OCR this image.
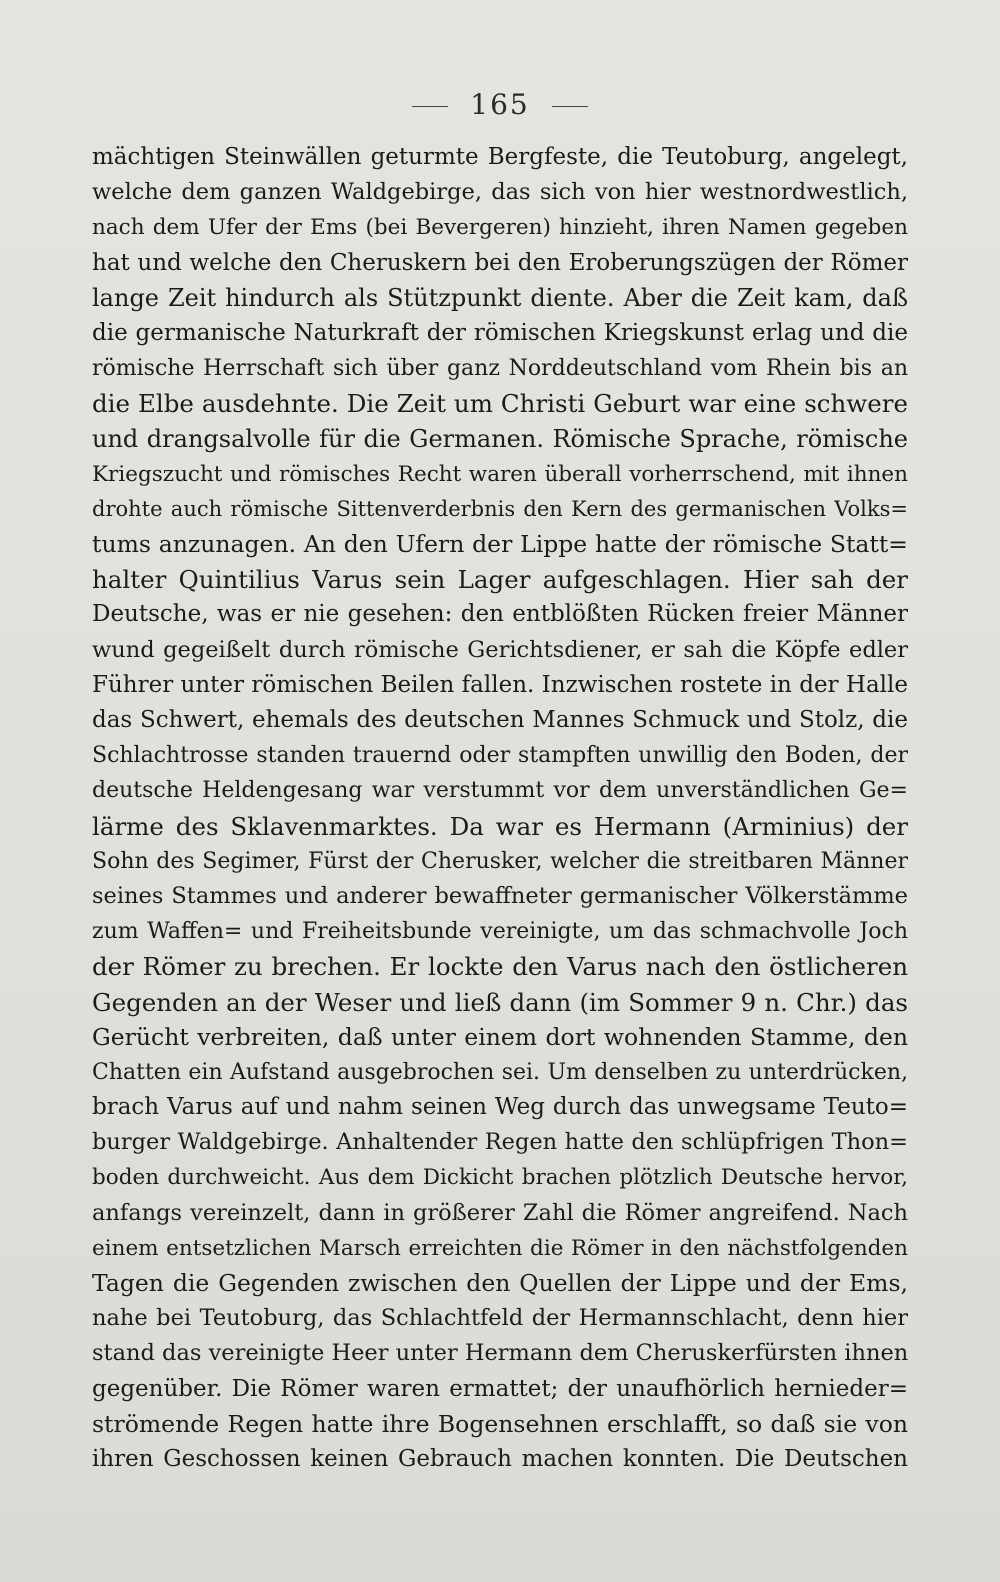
165
mächtigen Steinwällen geturmte Bergfeste, die Teutoburg, angelegt,
welche dem ganzen Waldgebirge, das sich von hier westnordwestlich,
nach dem Ufer der Ems (bei Bevergeren) hinzieht, ihren Namen gegeben
hat und welche den Cheruskern bei den Eroberungszügen der Römer
lange Zeit hindurch als Stützpunkt diente. Aber die Zeit kam, daß
die germanische Naturkraft der römischen Kriegskunst erlag und die
römische Herrschaft sich über ganz Norddeutschland vom Rhein bis an
die Elbe ausdehnte. Die Zeit um Christi Geburt war eine schwere
und drangsalvolle für die Germanen. Römische Sprache, römische
Kriegszucht und römisches Recht waren überall vorherrschend, mit ihnen
drohte auch römische Sittenverderbnis den Kern des germanischen Volks=
tums anzunagen. An den Ufern der Lippe hatte der römische Statt=
halter Quintilius Varus sein Lager aufgeschlagen. Hier sah der
Deutsche, was er nie gesehen: den entblößten Rücken freier Männer
wund gegeißelt durch römische Gerichtsdiener, er sah die Köpfe edler
Führer unter römischen Beilen fallen. Inzwischen rostete in der Halle
das Schwert, ehemals des deutschen Mannes Schmuck und Stolz, die
Schlachtrosse standen trauernd oder stampften unwillig den Boden, der
deutsche Heldengesang war verstummt vor dem unverständlichen Ge=
lärme des Sklavenmarktes. Da war es Hermann (Arminius) der
Sohn des Segimer, Fürst der Cherusker, welcher die streitbaren Männer
seines Stammes und anderer bewaffneter germanischer Völkerstämme
zum Waffen= und Freiheitsbunde vereinigte, um das schmachvolle Joch
der Römer zu brechen. Er lockte den Varus nach den östlicheren
Gegenden an der Weser und ließ dann (im Sommer 9 n. Chr.) das
Gerücht verbreiten, daß unter einem dort wohnenden Stamme, den
Chatten ein Aufstand ausgebrochen sei. Um denselben zu unterdrücken,
brach Varus auf und nahm seinen Weg durch das unwegsame Teuto=
burger Waldgebirge. Anhaltender Regen hatte den schlüpfrigen Thon=
boden durchweicht. Aus dem Dickicht brachen plötzlich Deutsche hervor,
anfangs vereinzelt, dann in größerer Zahl die Römer angreifend. Nach
einem entsetzlichen Marsch erreichten die Römer in den nächstfolgenden
Tagen die Gegenden zwischen den Quellen der Lippe und der Ems,
nahe bei Teutoburg, das Schlachtfeld der Hermannschlacht, denn hier
stand das vereinigte Heer unter Hermann dem Cheruskerfürsten ihnen
gegenüber. Die Römer waren ermattet; der unaufhörlich hernieder=
strömende Regen hatte ihre Bogensehnen erschlafft, so daß sie von
ihren Geschossen keinen Gebrauch machen konnten. Die Deutschen
